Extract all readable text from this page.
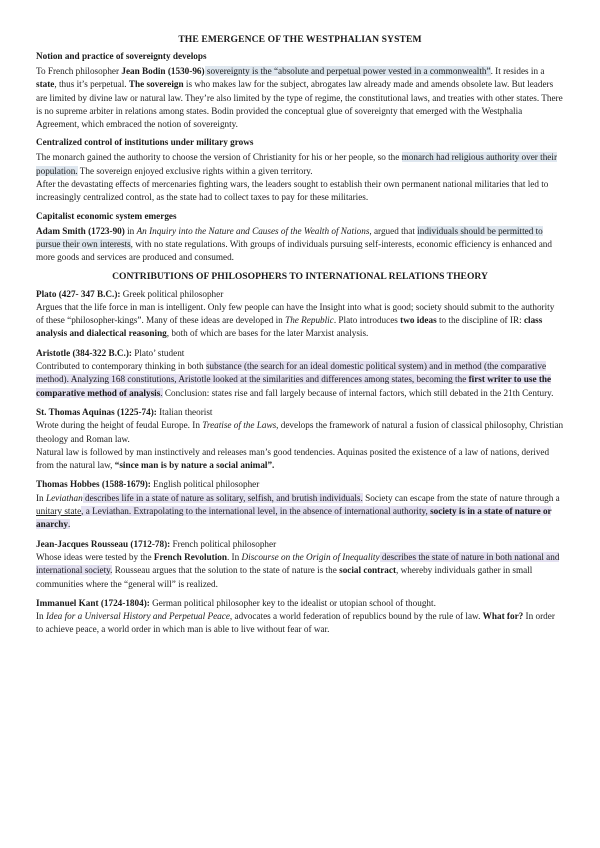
THE EMERGENCE OF THE WESTPHALIAN SYSTEM
Notion and practice of sovereignty develops

To French philosopher Jean Bodin (1530-96) sovereignty is the “absolute and perpetual power vested in a commonwealth”. It resides in a state, thus it’s perpetual. The sovereign is who makes law for the subject, abrogates law already made and amends obsolete law. But leaders are limited by divine law or natural law. They’re also limited by the type of regime, the constitutional laws, and treaties with other states. There is no supreme arbiter in relations among states. Bodin provided the conceptual glue of sovereignty that emerged with the Westphalia Agreement, which embraced the notion of sovereignty.

Centralized control of institutions under military grows

The monarch gained the authority to choose the version of Christianity for his or her people, so the monarch had religious authority over their population. The sovereign enjoyed exclusive rights within a given territory.

After the devastating effects of mercenaries fighting wars, the leaders sought to establish their own permanent national militaries that led to increasingly centralized control, as the state had to collect taxes to pay for these militaries.

Capitalist economic system emerges

Adam Smith (1723-90) in An Inquiry into the Nature and Causes of the Wealth of Nations, argued that individuals should be permitted to pursue their own interests, with no state regulations. With groups of individuals pursuing self-interests, economic efficiency is enhanced and more goods and services are produced and consumed.

CONTRIBUTIONS OF PHILOSOPHERS TO INTERNATIONAL RELATIONS THEORY

Plato (427- 347 B.C.): Greek political philosopher

Argues that the life force in man is intelligent. Only few people can have the Insight into what is good; society should submit to the authority of these “philosopher-kings”. Many of these ideas are developed in The Republic. Plato introduces two ideas to the discipline of IR: class analysis and dialectical reasoning, both of which are bases for the later Marxist analysis.

Aristotle (384-322 B.C.): Plato’ student

Contributed to contemporary thinking in both substance (the search for an ideal domestic political system) and in method (the comparative method). Analyzing 168 constitutions, Aristotle looked at the similarities and differences among states, becoming the first writer to use the comparative method of analysis. Conclusion: states rise and fall largely because of internal factors, which still debated in the 21th Century.

St. Thomas Aquinas (1225-74): Italian theorist

Wrote during the height of feudal Europe. In Treatise of the Laws, develops the framework of natural a fusion of classical philosophy, Christian theology and Roman law.

Natural law is followed by man instinctively and releases man’s good tendencies. Aquinas posited the existence of a law of nations, derived from the natural law, “since man is by nature a social animal”.

Thomas Hobbes (1588-1679): English political philosopher

In Leviathan describes life in a state of nature as solitary, selfish, and brutish individuals. Society can escape from the state of nature through a unitary state, a Leviathan. Extrapolating to the international level, in the absence of international authority, society is in a state of nature or anarchy.

Jean-Jacques Rousseau (1712-78): French political philosopher

Whose ideas were tested by the French Revolution. In Discourse on the Origin of Inequality describes the state of nature in both national and international society. Rousseau argues that the solution to the state of nature is the social contract, whereby individuals gather in small communities where the “general will” is realized.

Immanuel Kant (1724-1804): German political philosopher key to the idealist or utopian school of thought.

In Idea for a Universal History and Perpetual Peace, advocates a world federation of republics bound by the rule of law. What for? In order to achieve peace, a world order in which man is able to live without fear of war.
